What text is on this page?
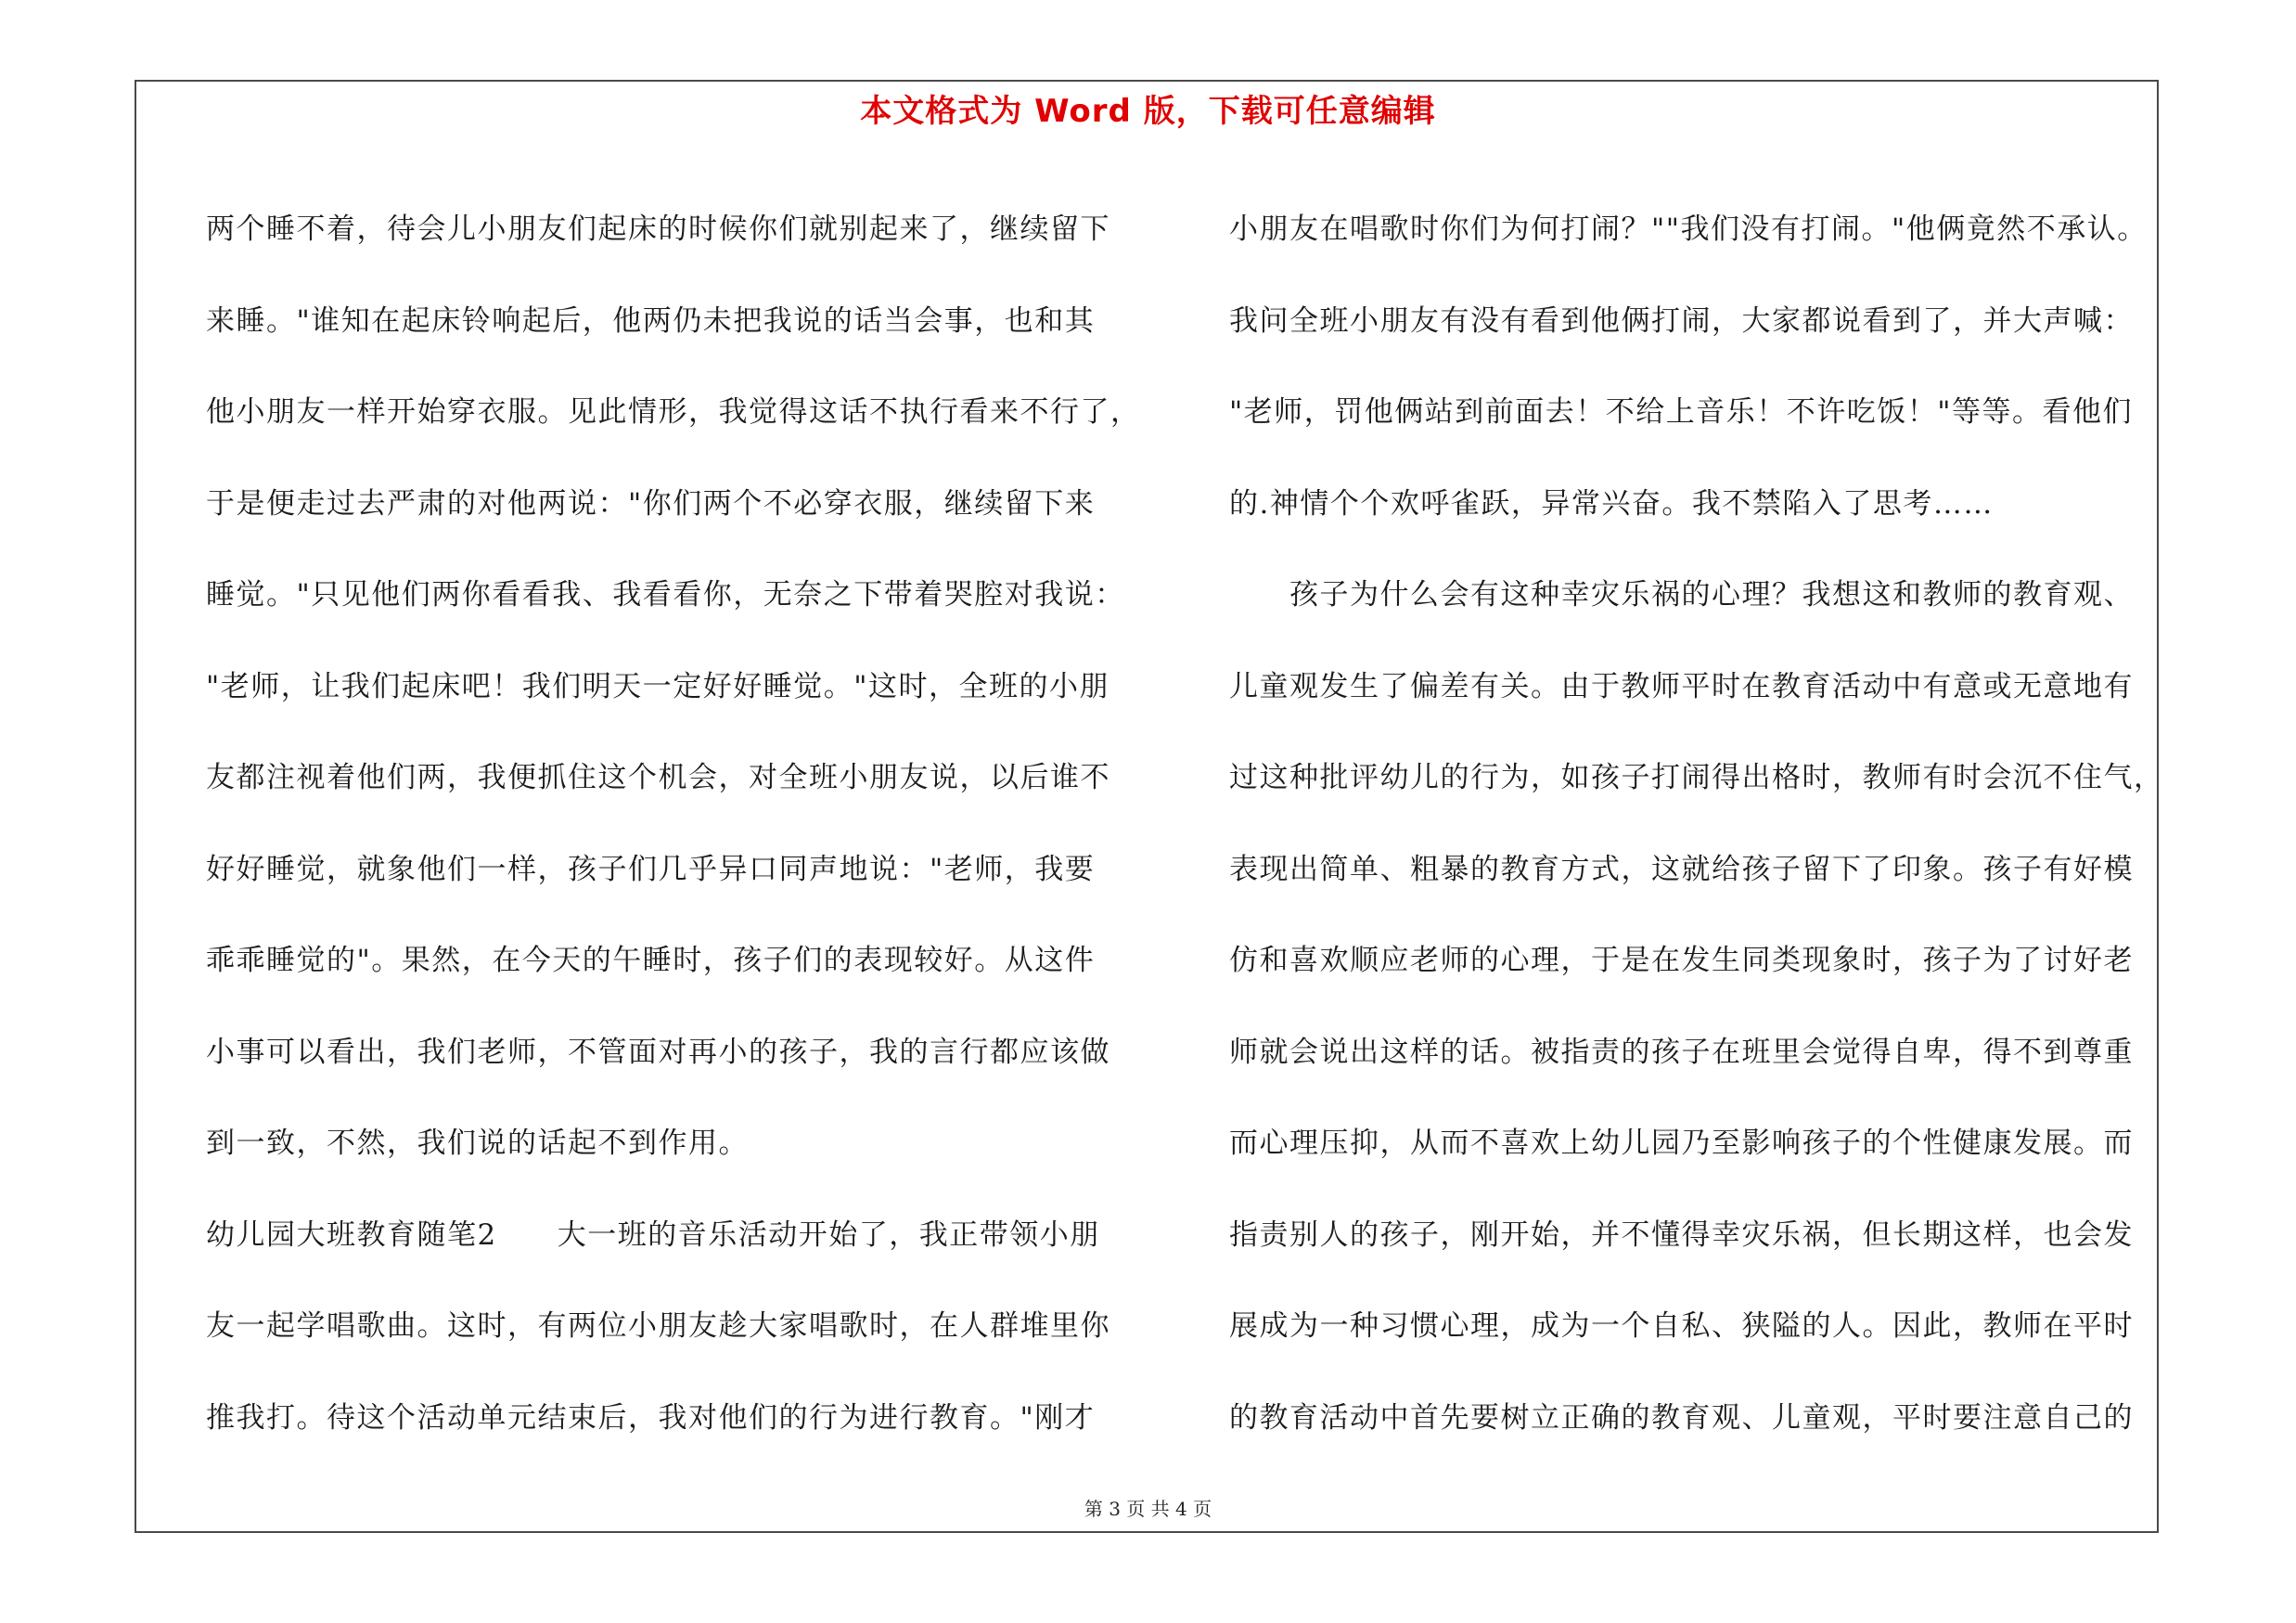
本文格式为 Word 版，下载可任意编辑
两个睡不着，待会儿小朋友们起床的时候你们就别起来了，继续留下
来睡。"谁知在起床铃响起后，他两仍未把我说的话当会事，也和其
他小朋友一样开始穿衣服。见此情形，我觉得这话不执行看来不行了，
于是便走过去严肃的对他两说："你们两个不必穿衣服，继续留下来
睡觉。"只见他们两你看看我、我看看你，无奈之下带着哭腔对我说：
"老师，让我们起床吧！我们明天一定好好睡觉。"这时，全班的小朋
友都注视着他们两，我便抓住这个机会，对全班小朋友说，以后谁不
好好睡觉，就象他们一样，孩子们几乎异口同声地说："老师，我要
乖乖睡觉的"。果然，在今天的午睡时，孩子们的表现较好。从这件
小事可以看出，我们老师，不管面对再小的孩子，我的言行都应该做
到一致，不然，我们说的话起不到作用。
幼儿园大班教育随笔2　　大一班的音乐活动开始了，我正带领小朋
友一起学唱歌曲。这时，有两位小朋友趁大家唱歌时，在人群堆里你
推我打。待这个活动单元结束后，我对他们的行为进行教育。"刚才
小朋友在唱歌时你们为何打闹？""我们没有打闹。"他俩竟然不承认。
我问全班小朋友有没有看到他俩打闹，大家都说看到了，并大声喊：
"老师，罚他俩站到前面去！不给上音乐！不许吃饭！"等等。看他们
的.神情个个欢呼雀跃，异常兴奋。我不禁陷入了思考……
　　孩子为什么会有这种幸灾乐祸的心理？我想这和教师的教育观、
儿童观发生了偏差有关。由于教师平时在教育活动中有意或无意地有
过这种批评幼儿的行为，如孩子打闹得出格时，教师有时会沉不住气，
表现出简单、粗暴的教育方式，这就给孩子留下了印象。孩子有好模
仿和喜欢顺应老师的心理，于是在发生同类现象时，孩子为了讨好老
师就会说出这样的话。被指责的孩子在班里会觉得自卑，得不到尊重
而心理压抑，从而不喜欢上幼儿园乃至影响孩子的个性健康发展。而
指责别人的孩子，刚开始，并不懂得幸灾乐祸，但长期这样，也会发
展成为一种习惯心理，成为一个自私、狭隘的人。因此，教师在平时
的教育活动中首先要树立正确的教育观、儿童观，平时要注意自己的
第 3 页 共 4 页
